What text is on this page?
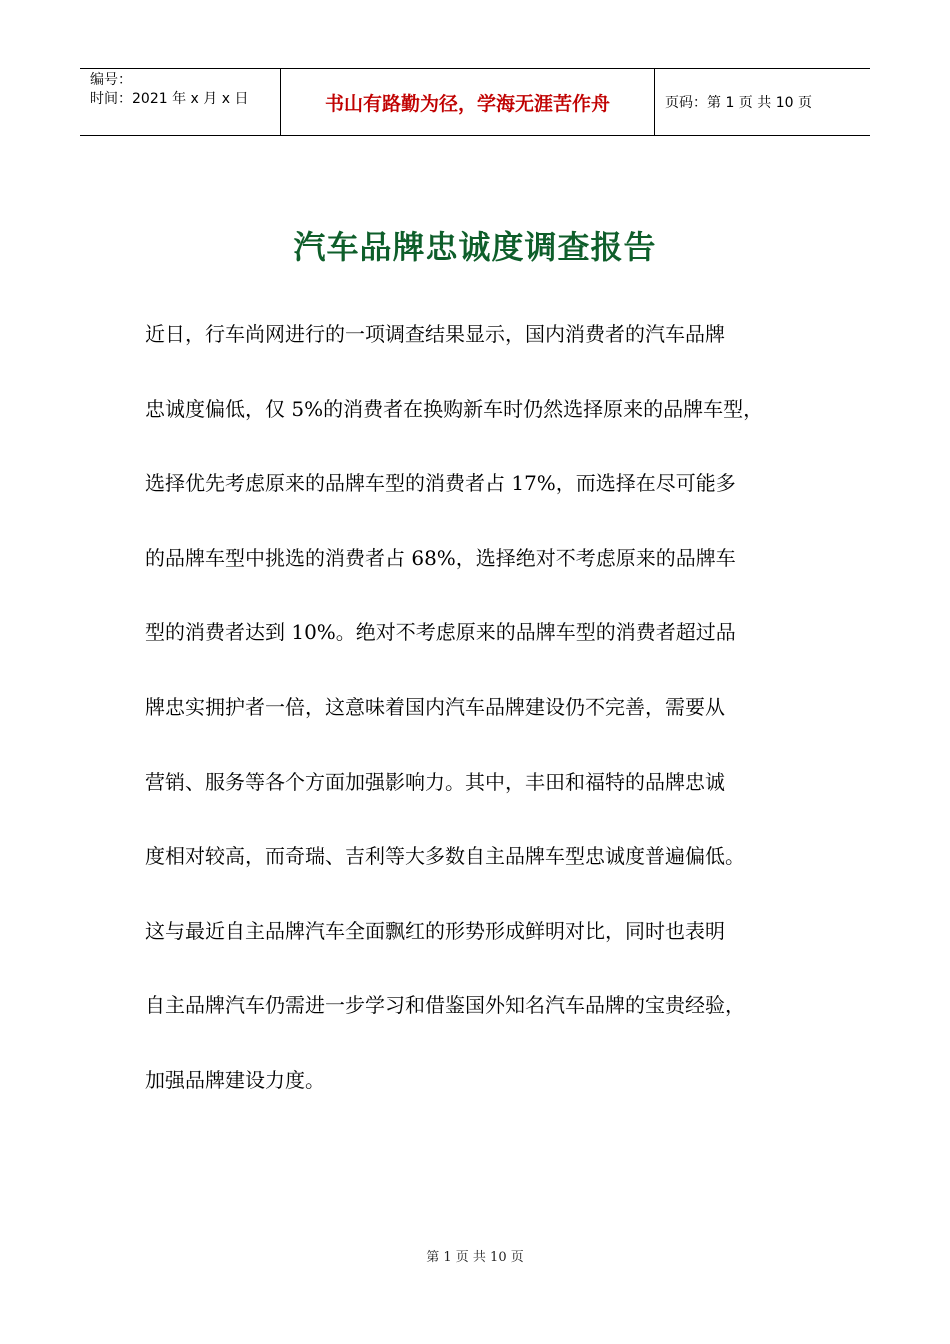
编号：
时间：2021 年 x 月 x 日	书山有路勤为径，学海无涯苦作舟	页码：第 1 页 共 10 页
汽车品牌忠诚度调查报告
近日，行车尚网进行的一项调查结果显示，国内消费者的汽车品牌
忠诚度偏低，仅 5%的消费者在换购新车时仍然选择原来的品牌车型，
选择优先考虑原来的品牌车型的消费者占 17%，而选择在尽可能多
的品牌车型中挑选的消费者占 68%，选择绝对不考虑原来的品牌车
型的消费者达到 10%。绝对不考虑原来的品牌车型的消费者超过品
牌忠实拥护者一倍，这意味着国内汽车品牌建设仍不完善，需要从
营销、服务等各个方面加强影响力。其中，丰田和福特的品牌忠诚
度相对较高，而奇瑞、吉利等大多数自主品牌车型忠诚度普遍偏低。
这与最近自主品牌汽车全面飘红的形势形成鲜明对比，同时也表明
自主品牌汽车仍需进一步学习和借鉴国外知名汽车品牌的宝贵经验，
加强品牌建设力度。
第 1 页 共 10 页
